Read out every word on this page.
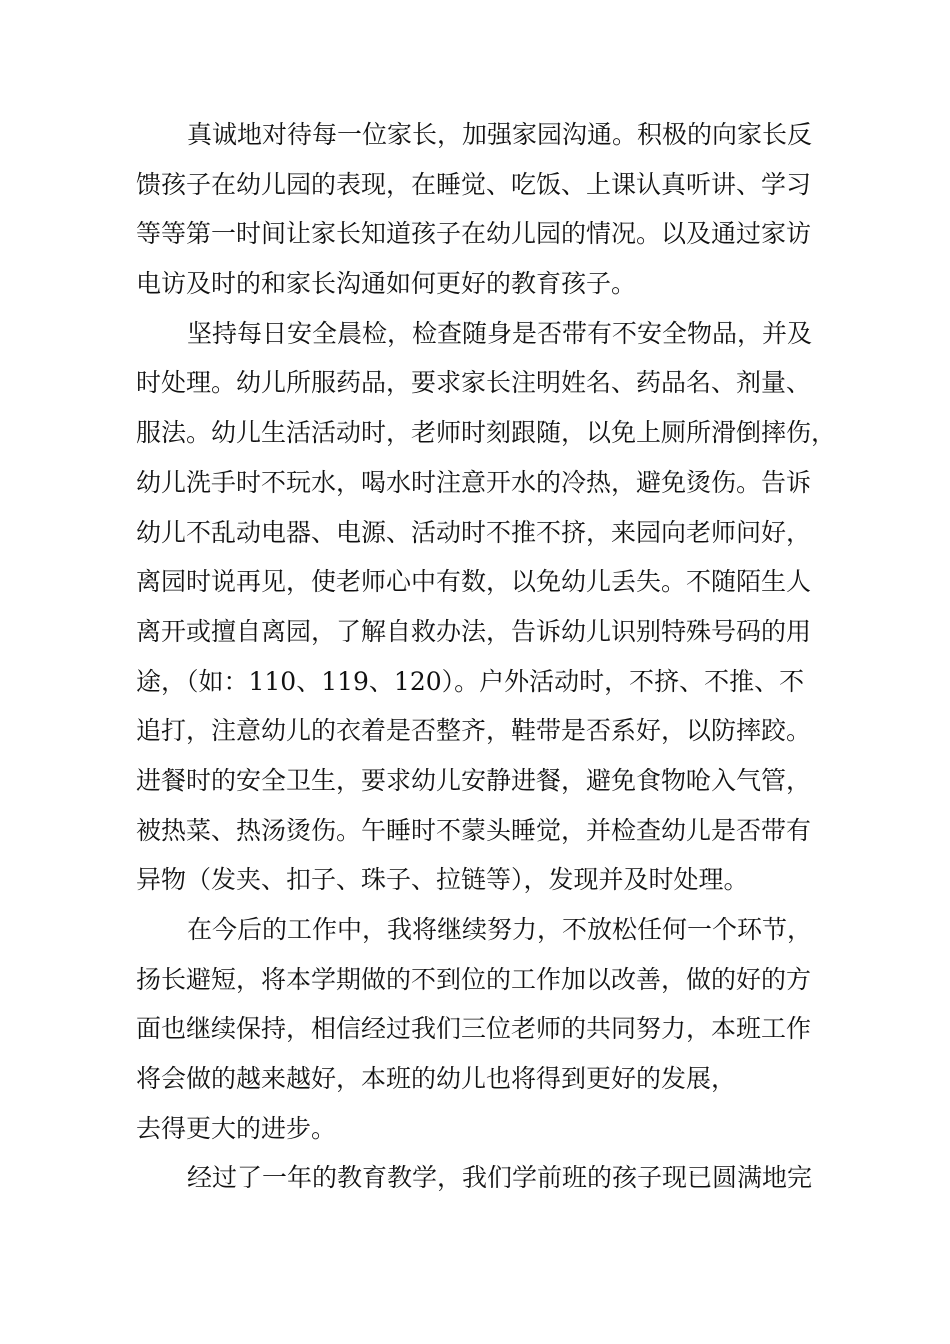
真诚地对待每一位家长，加强家园沟通。积极的向家长反
馈孩子在幼儿园的表现，在睡觉、吃饭、上课认真听讲、学习
等等第一时间让家长知道孩子在幼儿园的情况。以及通过家访
电访及时的和家长沟通如何更好的教育孩子。
坚持每日安全晨检，检查随身是否带有不安全物品，并及
时处理。幼儿所服药品，要求家长注明姓名、药品名、剂量、
服法。幼儿生活活动时，老师时刻跟随，以免上厕所滑倒摔伤，
幼儿洗手时不玩水，喝水时注意开水的冷热，避免烫伤。告诉
幼儿不乱动电器、电源、活动时不推不挤，来园向老师问好，
离园时说再见，使老师心中有数，以免幼儿丢失。不随陌生人
离开或擅自离园，了解自救办法，告诉幼儿识别特殊号码的用
途，（如：110、119、120）。户外活动时，不挤、不推、不
追打，注意幼儿的衣着是否整齐，鞋带是否系好，以防摔跤。
进餐时的安全卫生，要求幼儿安静进餐，避免食物呛入气管，
被热菜、热汤烫伤。午睡时不蒙头睡觉，并检查幼儿是否带有
异物（发夹、扣子、珠子、拉链等），发现并及时处理。
在今后的工作中，我将继续努力，不放松任何一个环节，
扬长避短，将本学期做的不到位的工作加以改善，做的好的方
面也继续保持，相信经过我们三位老师的共同努力，本班工作
将会做的越来越好，本班的幼儿也将得到更好的发展，
去得更大的进步。
经过了一年的教育教学，我们学前班的孩子现已圆满地完
